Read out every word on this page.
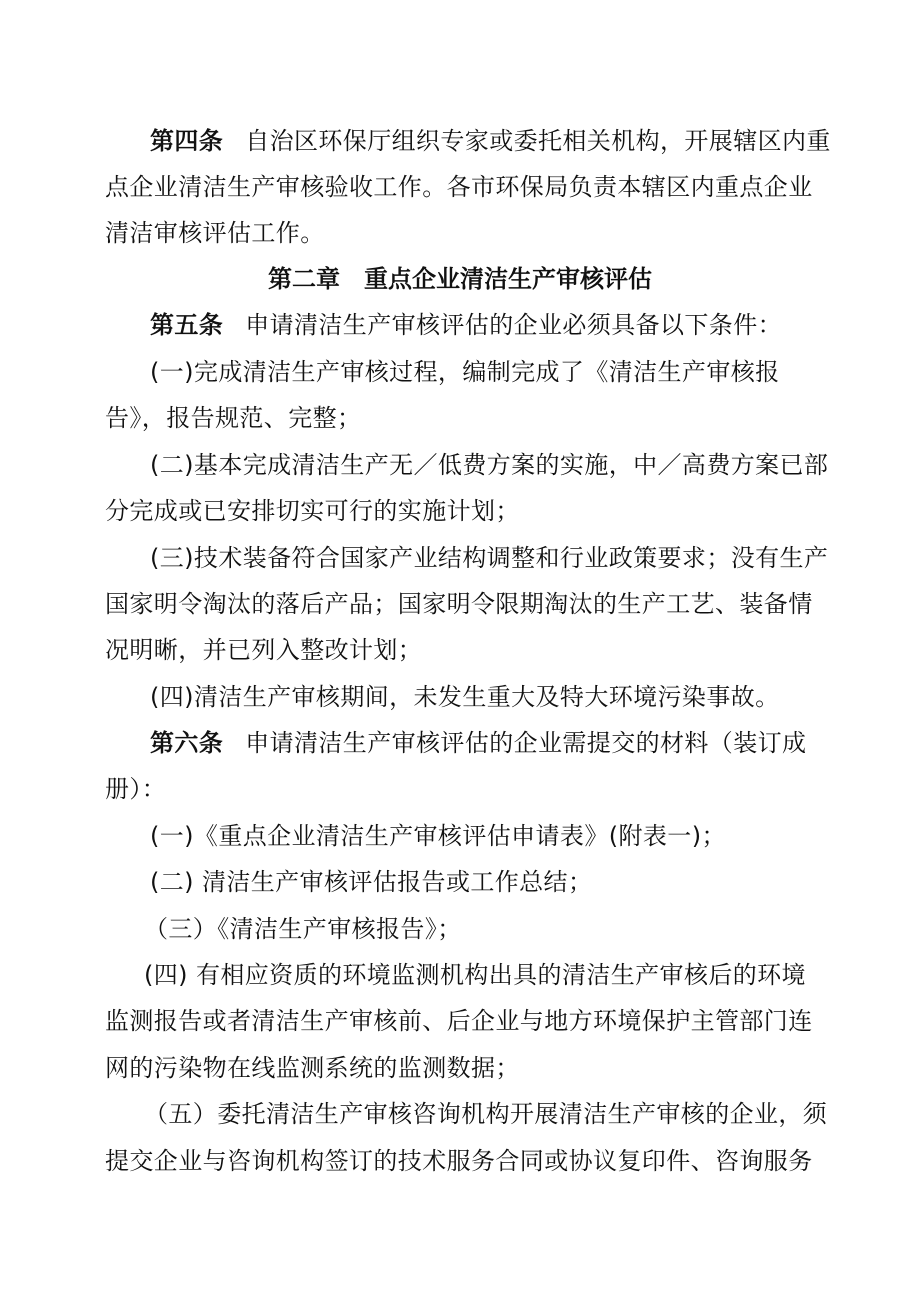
第四条 自治区环保厅组织专家或委托相关机构，开展辖区内重
点企业清洁生产审核验收工作。各市环保局负责本辖区内重点企业
清洁审核评估工作。
第二章　重点企业清洁生产审核评估
第五条 申请清洁生产审核评估的企业必须具备以下条件：
(一)完成清洁生产审核过程，编制完成了《清洁生产审核报
告》，报告规范、完整；
(二)基本完成清洁生产无／低费方案的实施，中／高费方案已部
分完成或已安排切实可行的实施计划；
(三)技术装备符合国家产业结构调整和行业政策要求；没有生产
国家明令淘汰的落后产品；国家明令限期淘汰的生产工艺、装备情
况明晰，并已列入整改计划；
(四)清洁生产审核期间，未发生重大及特大环境污染事故。
第六条 申请清洁生产审核评估的企业需提交的材料（装订成
册）：
(一)《重点企业清洁生产审核评估申请表》(附表一)；
(二) 清洁生产审核评估报告或工作总结；
（三）《清洁生产审核报告》；
(四) 有相应资质的环境监测机构出具的清洁生产审核后的环境
监测报告或者清洁生产审核前、后企业与地方环境保护主管部门连
网的污染物在线监测系统的监测数据；
（五）委托清洁生产审核咨询机构开展清洁生产审核的企业，须
提交企业与咨询机构签订的技术服务合同或协议复印件、咨询服务
